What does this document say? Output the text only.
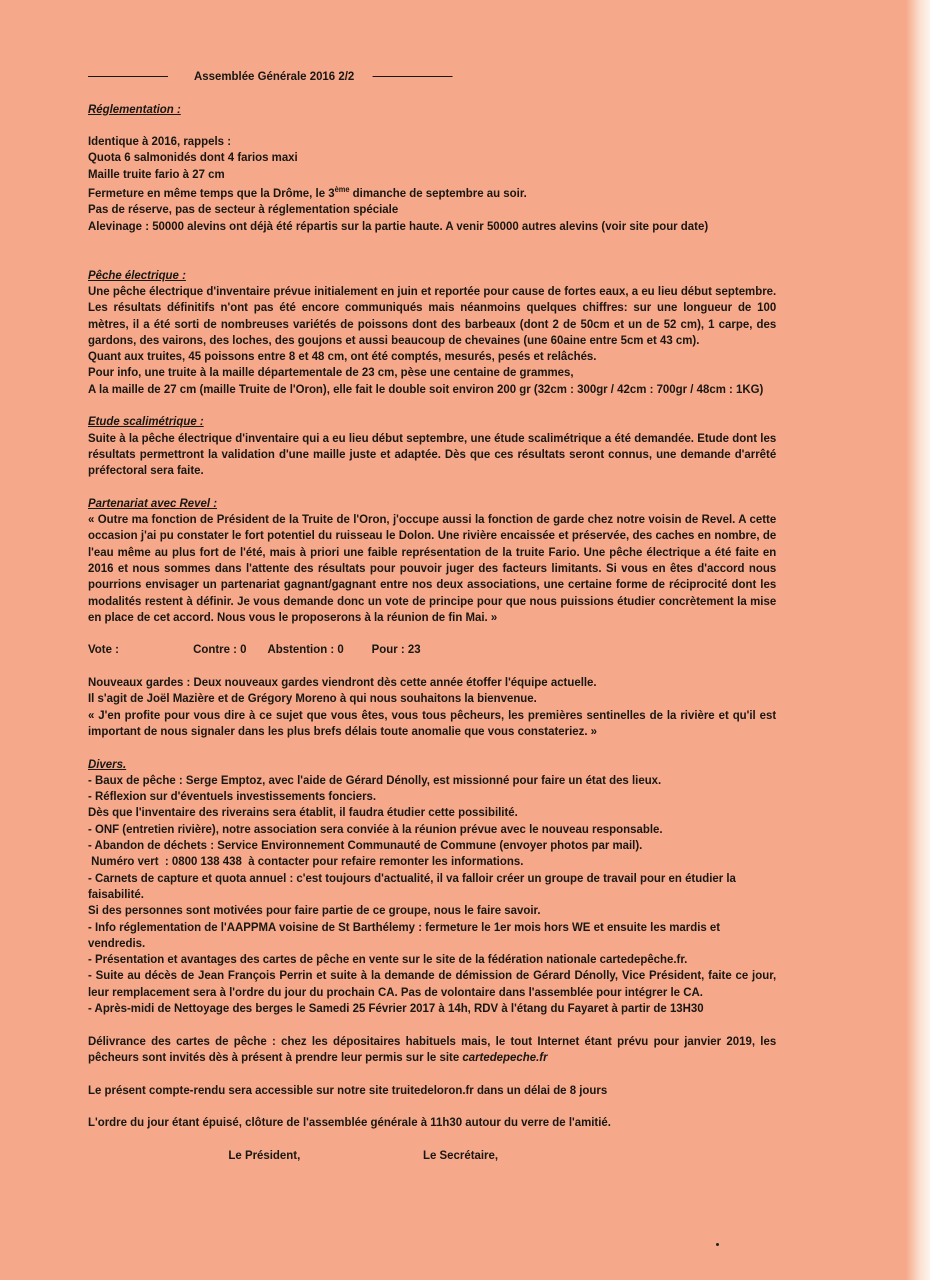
Assemblée Générale 2016 2/2

Réglementation :

Identique à 2016, rappels :

Quota 6 salmonidés dont 4 farios maxi

Maille truite fario à 27 cm

Fermeture en même temps que la Drôme, le 3ème dimanche de septembre au soir.

Pas de réserve, pas de secteur à réglementation spéciale

Alevinage : 50000 alevins ont déjà été répartis sur la partie haute. A venir 50000 autres alevins (voir site pour date)

Pêche électrique :

Une pêche électrique d'inventaire prévue initialement en juin et reportée pour cause de fortes eaux, a eu lieu début septembre. Les résultats définitifs n'ont pas été encore communiqués mais néanmoins quelques chiffres: sur une longueur de 100 mètres, il a été sorti de nombreuses variétés de poissons dont des barbeaux (dont 2 de 50cm et un de 52 cm), 1 carpe, des gardons, des vairons, des loches, des goujons et aussi beaucoup de chevaines (une 60aine entre 5cm et 43 cm).

Quant aux truites, 45 poissons entre 8 et 48 cm, ont été comptés, mesurés, pesés et relâchés.

Pour info, une truite à la maille départementale de 23 cm, pèse une centaine de grammes,

A la maille de 27 cm (maille Truite de l'Oron), elle fait le double soit environ 200 gr (32cm : 300gr / 42cm : 700gr / 48cm : 1KG)

Etude scalimétrique :

Suite à la pêche électrique d'inventaire qui a eu lieu début septembre, une étude scalimétrique a été demandée. Etude dont les résultats permettront la validation d'une maille juste et adaptée. Dès que ces résultats seront connus, une demande d'arrêté préfectoral sera faite.

Partenariat avec Revel :

« Outre ma fonction de Président de la Truite de l'Oron, j'occupe aussi la fonction de garde chez notre voisin de Revel. A cette occasion j'ai pu constater le fort potentiel du ruisseau le Dolon. Une rivière encaissée et préservée, des caches en nombre, de l'eau même au plus fort de l'été, mais à priori une faible représentation de la truite Fario. Une pêche électrique a été faite en 2016 et nous sommes dans l'attente des résultats pour pouvoir juger des facteurs limitants. Si vous en êtes d'accord nous pourrions envisager un partenariat gagnant/gagnant entre nos deux associations, une certaine forme de réciprocité dont les modalités restent à définir. Je vous demande donc un vote de principe pour que nous puissions étudier concrètement la mise en place de cet accord. Nous vous le proposerons à la réunion de fin Mai. »

Vote :	Contre : 0 Abstention : 0 Pour : 23

Nouveaux gardes : Deux nouveaux gardes viendront dès cette année étoffer l'équipe actuelle.

Il s'agit de Joël Mazière et de Grégory Moreno à qui nous souhaitons la bienvenue.

« J'en profite pour vous dire à ce sujet que vous êtes, vous tous pêcheurs, les premières sentinelles de la rivière et qu'il est important de nous signaler dans les plus brefs délais toute anomalie que vous constateriez. »

Divers.

- Baux de pêche : Serge Emptoz, avec l'aide de Gérard Dénolly, est missionné pour faire un état des lieux.

- Réflexion sur d'éventuels investissements fonciers.

Dès que l'inventaire des riverains sera établit, il faudra étudier cette possibilité.

- ONF (entretien rivière), notre association sera conviée à la réunion prévue avec le nouveau responsable.

- Abandon de déchets : Service Environnement Communauté de Commune (envoyer photos par mail).

Numéro vert  : 0800 138 438  à contacter pour refaire remonter les informations.

- Carnets de capture et quota annuel : c'est toujours d'actualité, il va falloir créer un groupe de travail pour en étudier la faisabilité.

Si des personnes sont motivées pour faire partie de ce groupe, nous le faire savoir.

- Info réglementation de l'AAPPMA voisine de St Barthélemy : fermeture le 1er mois hors WE et ensuite les mardis et vendredis.

- Présentation et avantages des cartes de pêche en vente sur le site de la fédération nationale cartedepêche.fr.

- Suite au décès de Jean François Perrin et suite à la demande de démission de Gérard Dénolly, Vice Président, faite ce jour, leur remplacement sera à l'ordre du jour du prochain CA. Pas de volontaire dans l'assemblée pour intégrer le CA.

- Après-midi de Nettoyage des berges le Samedi 25 Février 2017 à 14h, RDV à l'étang du Fayaret à partir de 13H30

Délivrance des cartes de pêche : chez les dépositaires habituels mais, le tout Internet étant prévu pour janvier 2019, les pêcheurs sont invités dès à présent à prendre leur permis sur le site cartedepeche.fr

Le présent compte-rendu sera accessible sur notre site truitedeloron.fr dans un délai de 8 jours

L'ordre du jour étant épuisé, clôture de l'assemblée générale à 11h30 autour du verre de l'amitié.

Le Président,	Le Secrétaire,
